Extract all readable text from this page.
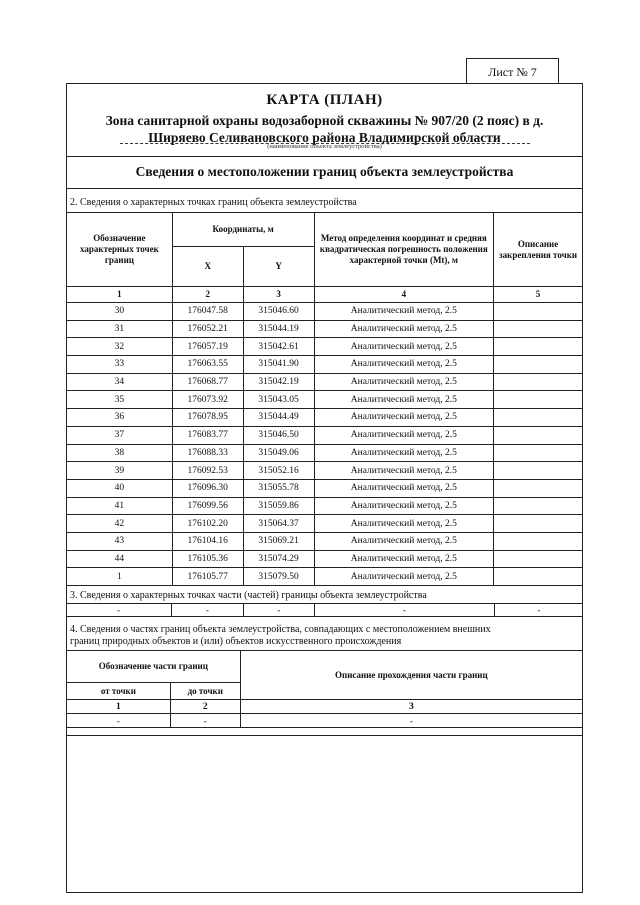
Лист № 7
КАРТА (ПЛАН)
Зона санитарной охраны водозаборной скважины № 907/20 (2 пояс) в д.
Ширяево Селивановского района Владимирской области
(наименование объекта землеустройства)
Сведения о местоположении границ объекта землеустройства
2. Сведения о характерных точках границ объекта землеустройства
Обозначение характерных точек границ	Координаты, м		Метод определения координат и средняя квадратическая погрешность положения характерной точки (Mt), м	Описание закрепления точки
	X	Y		
1	2	3	4	5
30	176047.58	315046.60	Аналитический метод, 2.5	
31	176052.21	315044.19	Аналитический метод, 2.5	
32	176057.19	315042.61	Аналитический метод, 2.5	
33	176063.55	315041.90	Аналитический метод, 2.5	
34	176068.77	315042.19	Аналитический метод, 2.5	
35	176073.92	315043.05	Аналитический метод, 2.5	
36	176078.95	315044.49	Аналитический метод, 2.5	
37	176083.77	315046.50	Аналитический метод, 2.5	
38	176088.33	315049.06	Аналитический метод, 2.5	
39	176092.53	315052.16	Аналитический метод, 2.5	
40	176096.30	315055.78	Аналитический метод, 2.5	
41	176099.56	315059.86	Аналитический метод, 2.5	
42	176102.20	315064.37	Аналитический метод, 2.5	
43	176104.16	315069.21	Аналитический метод, 2.5	
44	176105.36	315074.29	Аналитический метод, 2.5	
1	176105.77	315079.50	Аналитический метод, 2.5	
3. Сведения о характерных точках части (частей) границы объекта землеустройства
-	-	-	-	-
4. Сведения о частях границ объекта землеустройства, совпадающих с местоположением внешних
границ природных объектов и (или) объектов искусственного происхождения
Обозначение части границ		Описание прохождения части границ
от точки	до точки	
1	2	3
-	-	-
